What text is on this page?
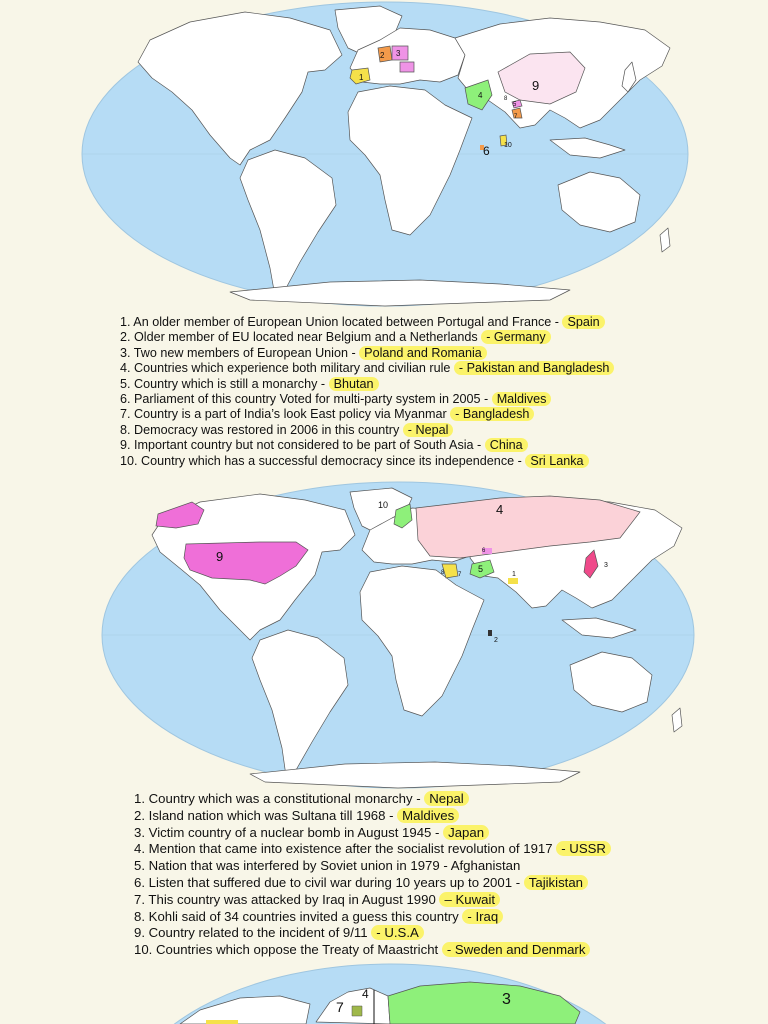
1
2 3
4
5
6
7
8
9
10
1. An older member of European Union located between Portugal and France - Spain
2. Older member of EU located near Belgium and a Netherlands - Germany
3. Two new members of European Union - Poland and Romania
4. Countries which experience both military and civilian rule - Pakistan and Bangladesh
5. Country which is still a monarchy - Bhutan
6. Parliament of this country Voted for multi-party system in 2005 - Maldives
7. Country is a part of India’s look East policy via Myanmar - Bangladesh
8. Democracy was restored in 2006 in this country - Nepal
9. Important country but not considered to be part of South Asia - China
10. Country which has a successful democracy since its independence - Sri Lanka
1
2
3
4
5
6
7
8
9
10
1. Country which was a constitutional monarchy - Nepal
2. Island nation which was Sultana till 1968 - Maldives
3. Victim country of a nuclear bomb in August 1945 - Japan
4. Mention that came into existence after the socialist revolution of 1917 - USSR
5. Nation that was interfered by Soviet union in 1979 - Afghanistan
6. Listen that suffered due to civil war during 10 years up to 2001 - Tajikistan
7. This country was attacked by Iraq in August 1990 – Kuwait
8. Kohli said of 34 countries invited a guess this country - Iraq
9. Country related to the incident of 9/11 - U.S.A
10. Countries which oppose the Treaty of Maastricht - Sweden and Denmark
7
4	3
